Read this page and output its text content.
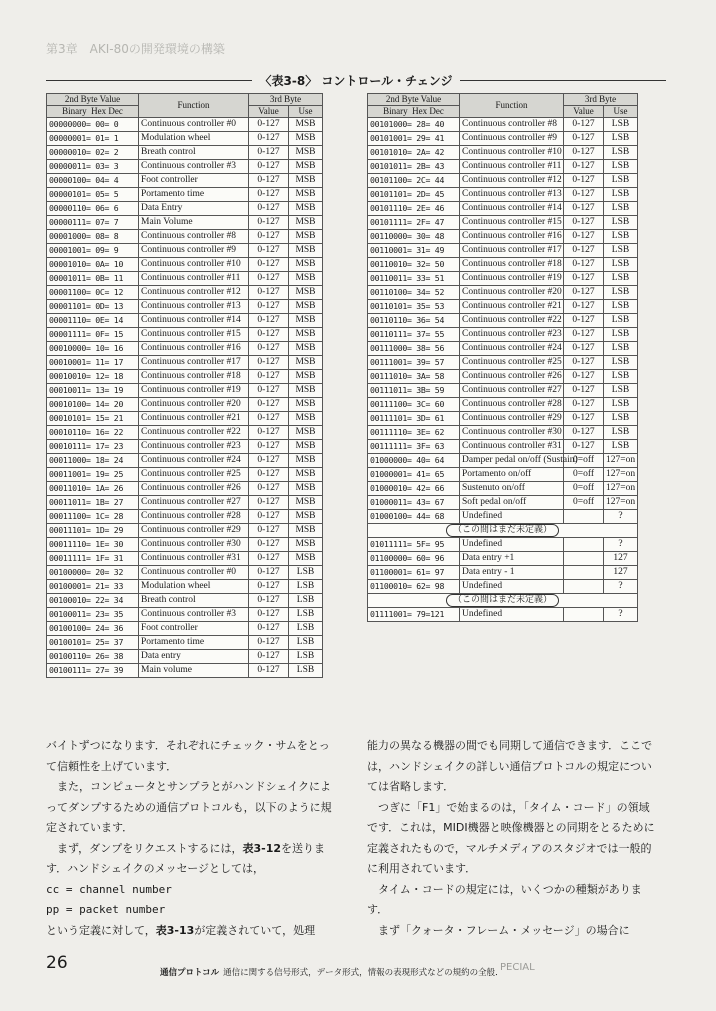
第3章　AKI-80の開発環境の構築
〈表3-8〉 コントロール・チェンジ
2nd Byte Value	Function	3rd Byte	
Binary Hex Dec		Value	Use
00000000= 00= 0	Continuous controller #0	0-127	MSB
00000001= 01= 1	Modulation wheel	0-127	MSB
00000010= 02= 2	Breath control	0-127	MSB
00000011= 03= 3	Continuous controller #3	0-127	MSB
00000100= 04= 4	Foot controller	0-127	MSB
00000101= 05= 5	Portamento time	0-127	MSB
00000110= 06= 6	Data Entry	0-127	MSB
00000111= 07= 7	Main Volume	0-127	MSB
00001000= 08= 8	Continuous controller #8	0-127	MSB
00001001= 09= 9	Continuous controller #9	0-127	MSB
00001010= 0A= 10	Continuous controller #10	0-127	MSB
00001011= 0B= 11	Continuous controller #11	0-127	MSB
00001100= 0C= 12	Continuous controller #12	0-127	MSB
00001101= 0D= 13	Continuous controller #13	0-127	MSB
00001110= 0E= 14	Continuous controller #14	0-127	MSB
00001111= 0F= 15	Continuous controller #15	0-127	MSB
00010000= 10= 16	Continuous controller #16	0-127	MSB
00010001= 11= 17	Continuous controller #17	0-127	MSB
00010010= 12= 18	Continuous controller #18	0-127	MSB
00010011= 13= 19	Continuous controller #19	0-127	MSB
00010100= 14= 20	Continuous controller #20	0-127	MSB
00010101= 15= 21	Continuous controller #21	0-127	MSB
00010110= 16= 22	Continuous controller #22	0-127	MSB
00010111= 17= 23	Continuous controller #23	0-127	MSB
00011000= 18= 24	Continuous controller #24	0-127	MSB
00011001= 19= 25	Continuous controller #25	0-127	MSB
00011010= 1A= 26	Continuous controller #26	0-127	MSB
00011011= 1B= 27	Continuous controller #27	0-127	MSB
00011100= 1C= 28	Continuous controller #28	0-127	MSB
00011101= 1D= 29	Continuous controller #29	0-127	MSB
00011110= 1E= 30	Continuous controller #30	0-127	MSB
00011111= 1F= 31	Continuous controller #31	0-127	MSB
00100000= 20= 32	Continuous controller #0	0-127	LSB
00100001= 21= 33	Modulation wheel	0-127	LSB
00100010= 22= 34	Breath control	0-127	LSB
00100011= 23= 35	Continuous controller #3	0-127	LSB
00100100= 24= 36	Foot controller	0-127	LSB
00100101= 25= 37	Portamento time	0-127	LSB
00100110= 26= 38	Data entry	0-127	LSB
00100111= 27= 39	Main volume	0-127	LSB
2nd Byte Value	Function	3rd Byte	
Binary Hex Dec		Value	Use
00101000= 28= 40	Continuous controller #8	0-127	LSB
00101001= 29= 41	Continuous controller #9	0-127	LSB
00101010= 2A= 42	Continuous controller #10	0-127	LSB
00101011= 2B= 43	Continuous controller #11	0-127	LSB
00101100= 2C= 44	Continuous controller #12	0-127	LSB
00101101= 2D= 45	Continuous controller #13	0-127	LSB
00101110= 2E= 46	Continuous controller #14	0-127	LSB
00101111= 2F= 47	Continuous controller #15	0-127	LSB
00110000= 30= 48	Continuous controller #16	0-127	LSB
00110001= 31= 49	Continuous controller #17	0-127	LSB
00110010= 32= 50	Continuous controller #18	0-127	LSB
00110011= 33= 51	Continuous controller #19	0-127	LSB
00110100= 34= 52	Continuous controller #20	0-127	LSB
00110101= 35= 53	Continuous controller #21	0-127	LSB
00110110= 36= 54	Continuous controller #22	0-127	LSB
00110111= 37= 55	Continuous controller #23	0-127	LSB
00111000= 38= 56	Continuous controller #24	0-127	LSB
00111001= 39= 57	Continuous controller #25	0-127	LSB
00111010= 3A= 58	Continuous controller #26	0-127	LSB
00111011= 3B= 59	Continuous controller #27	0-127	LSB
00111100= 3C= 60	Continuous controller #28	0-127	LSB
00111101= 3D= 61	Continuous controller #29	0-127	LSB
00111110= 3E= 62	Continuous controller #30	0-127	LSB
00111111= 3F= 63	Continuous controller #31	0-127	LSB
01000000= 40= 64	Damper pedal on/off (Sustain)	0=off	127=on
01000001= 41= 65	Portamento on/off	0=off	127=on
01000010= 42= 66	Sustenuto on/off	0=off	127=on
01000011= 43= 67	Soft pedal on/off	0=off	127=on
01000100= 44= 68	Undefined		?
（この間はまだ未定義）			
01011111= 5F= 95	Undefined		?
01100000= 60= 96	Data entry +1		127
01100001= 61= 97	Data entry - 1		127
01100010= 62= 98	Undefined		?
（この間はまだ未定義）			
01111001= 79=121	Undefined		?

バイトずつになります．それぞれにチェック・サムをとって信頼性を上げています．

　また，コンピュータとサンプラとがハンドシェイクによってダンプするための通信プロトコルも，以下のように規定されています．

　まず，ダンプをリクエストするには，表3-12を送ります．ハンドシェイクのメッセージとしては，

cc = channel number

pp = packet number

という定義に対して，表3-13が定義されていて，処理

能力の異なる機器の間でも同期して通信できます．ここでは，ハンドシェイクの詳しい通信プロトコルの規定については省略します．

　つぎに「F1」で始まるのは，「タイム・コード」の領域です．これは，MIDI機器と映像機器との同期をとるために定義されたもので，マルチメディアのスタジオでは一般的に利用されています．

　タイム・コードの規定には，いくつかの種類があります．

　まず「クォータ・フレーム・メッセージ」の場合に

26	通信プロトコル 通信に関する信号形式，データ形式，情報の表現形式などの規約の全般．
PECIAL
